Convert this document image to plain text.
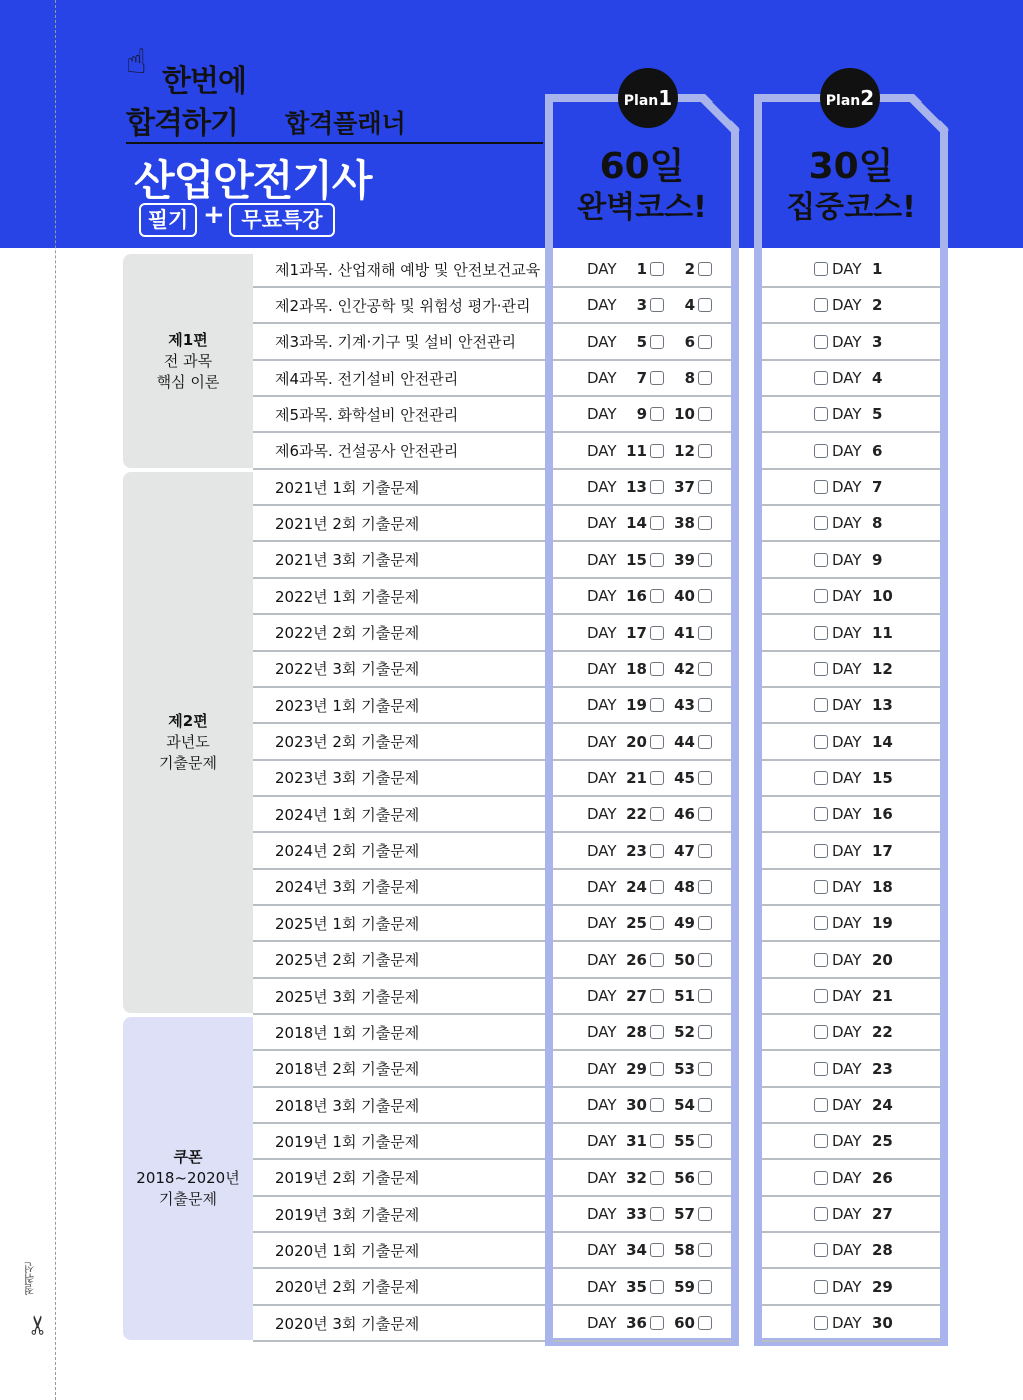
☝ 한번에
합격하기 합격플래너
산업안전기사
필기 + 무료특강
Plan1	Plan2
60일
완벽코스!
30일
집중코스!
제1편
전 과목
핵심 이론
제1과목. 산업재해 예방 및 안전보건교육	DAY	1	2	DAY 1
제2과목. 인간공학 및 위험성 평가·관리	DAY	3	4	DAY 2
제3과목. 기계·기구 및 설비 안전관리	DAY	5	6	DAY 3
제4과목. 전기설비 안전관리	DAY	7	8	DAY 4
제5과목. 화학설비 안전관리	DAY	9	10	DAY 5
제6과목. 건설공사 안전관리	DAY 11	12	DAY 6
제2편
과년도
기출문제
2021년 1회 기출문제	DAY 13	37	DAY 7
2021년 2회 기출문제	DAY 14	38	DAY 8
2021년 3회 기출문제	DAY 15	39	DAY 9
2022년 1회 기출문제	DAY 16	40	DAY 10
2022년 2회 기출문제	DAY 17	41	DAY 11
2022년 3회 기출문제	DAY 18	42	DAY 12
2023년 1회 기출문제	DAY 19	43	DAY 13
2023년 2회 기출문제	DAY 20	44	DAY 14
2023년 3회 기출문제	DAY 21	45	DAY 15
2024년 1회 기출문제	DAY 22	46	DAY 16
2024년 2회 기출문제	DAY 23	47	DAY 17
2024년 3회 기출문제	DAY 24	48	DAY 18
2025년 1회 기출문제	DAY 25	49	DAY 19
2025년 2회 기출문제	DAY 26	50	DAY 20
2025년 3회 기출문제	DAY 27	51	DAY 21
쿠폰
2018~2020년
기출문제
2018년 1회 기출문제	DAY 28	52	DAY 22
2018년 2회 기출문제	DAY 29	53	DAY 23
2018년 3회 기출문제	DAY 30	54	DAY 24
2019년 1회 기출문제	DAY 31	55	DAY 25
2019년 2회 기출문제	DAY 32	56	DAY 26
2019년 3회 기출문제	DAY 33	57	DAY 27
2020년 1회 기출문제	DAY 34	58	DAY 28
2020년 2회 기출문제	DAY 35	59	DAY 29
2020년 3회 기출문제	DAY 36	60	DAY 30
절취선
✂
